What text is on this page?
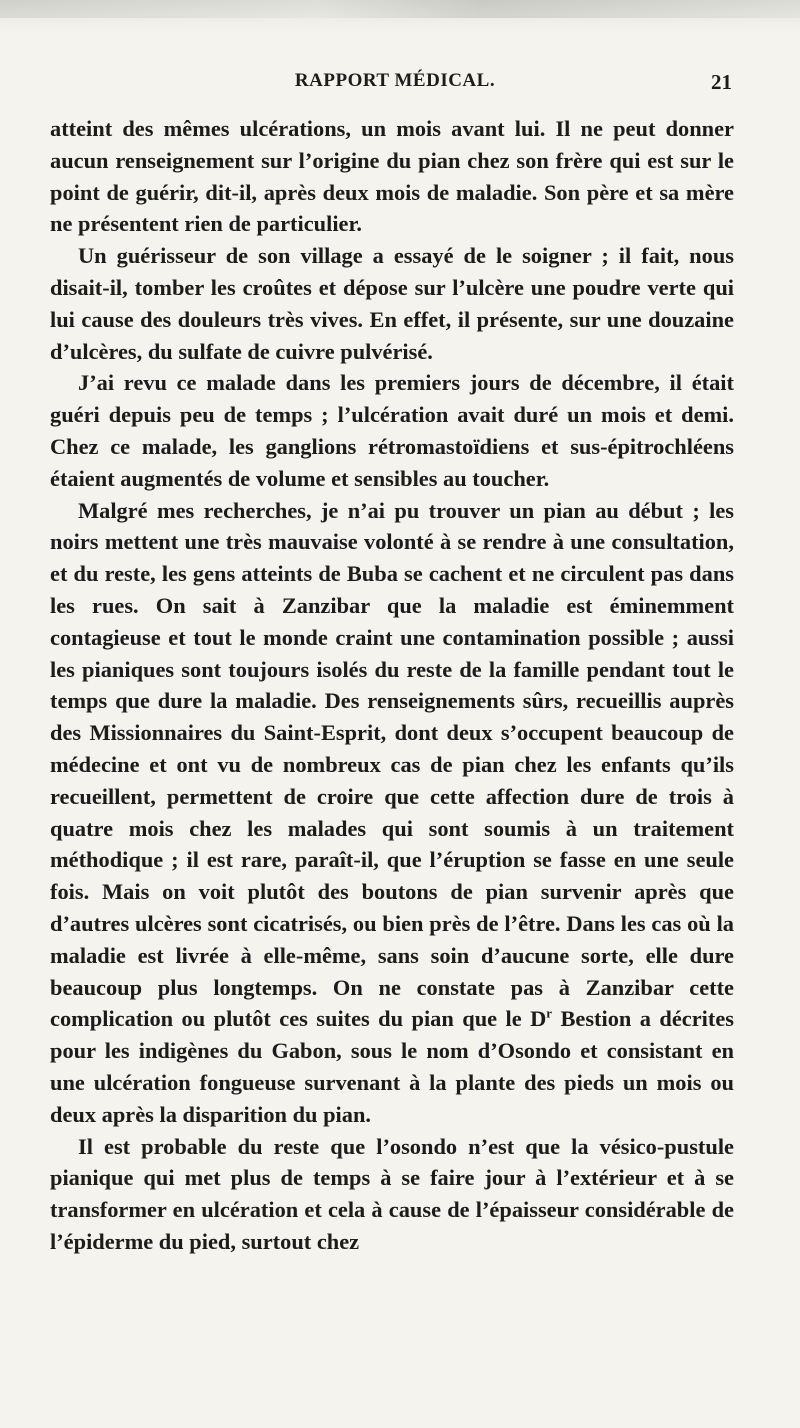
RAPPORT MÉDICAL.	21

atteint des mêmes ulcérations, un mois avant lui. Il ne peut donner aucun renseignement sur l’origine du pian chez son frère qui est sur le point de guérir, dit-il, après deux mois de maladie. Son père et sa mère ne présentent rien de particulier.

Un guérisseur de son village a essayé de le soigner ; il fait, nous disait-il, tomber les croûtes et dépose sur l’ulcère une poudre verte qui lui cause des douleurs très vives. En effet, il présente, sur une douzaine d’ulcères, du sulfate de cuivre pulvérisé.

J’ai revu ce malade dans les premiers jours de décembre, il était guéri depuis peu de temps ; l’ulcération avait duré un mois et demi. Chez ce malade, les ganglions rétromastoïdiens et sus-épitrochléens étaient augmentés de volume et sensibles au toucher.

Malgré mes recherches, je n’ai pu trouver un pian au début ; les noirs mettent une très mauvaise volonté à se rendre à une consultation, et du reste, les gens atteints de Buba se cachent et ne circulent pas dans les rues. On sait à Zanzibar que la maladie est éminemment contagieuse et tout le monde craint une contamination possible ; aussi les pianiques sont toujours isolés du reste de la famille pendant tout le temps que dure la maladie. Des renseignements sûrs, recueillis auprès des Missionnaires du Saint-Esprit, dont deux s’occupent beaucoup de médecine et ont vu de nombreux cas de pian chez les enfants qu’ils recueillent, permettent de croire que cette affection dure de trois à quatre mois chez les malades qui sont soumis à un traitement méthodique ; il est rare, paraît-il, que l’éruption se fasse en une seule fois. Mais on voit plutôt des boutons de pian survenir après que d’autres ulcères sont cicatrisés, ou bien près de l’être. Dans les cas où la maladie est livrée à elle-même, sans soin d’aucune sorte, elle dure beaucoup plus longtemps. On ne constate pas à Zanzibar cette complication ou plutôt ces suites du pian que le $D^r$ Bestion a décrites pour les indigènes du Gabon, sous le nom d’Osondo et consistant en une ulcération fongueuse survenant à la plante des pieds un mois ou deux après la disparition du pian.

Il est probable du reste que l’osondo n’est que la vésico-pustule pianique qui met plus de temps à se faire jour à l’extérieur et à se transformer en ulcération et cela à cause de l’épaisseur considérable de l’épiderme du pied, surtout chez
